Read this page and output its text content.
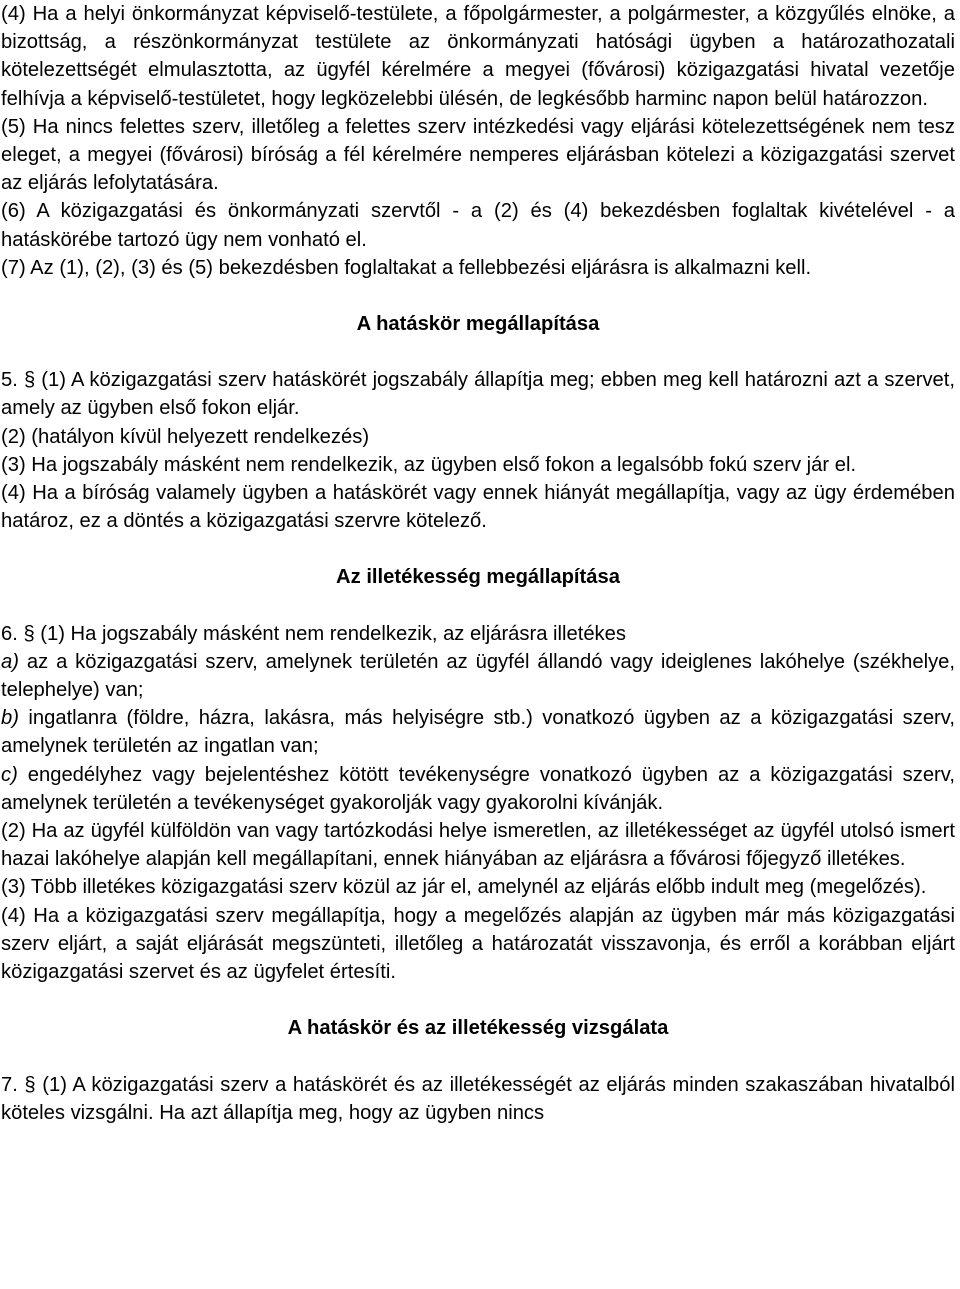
(4) Ha a helyi önkormányzat képviselő-testülete, a főpolgármester, a polgármester, a közgyűlés elnöke, a bizottság, a részönkormányzat testülete az önkormányzati hatósági ügyben a határozathozatali kötelezettségét elmulasztotta, az ügyfél kérelmére a megyei (fővárosi) közigazgatási hivatal vezetője felhívja a képviselő-testületet, hogy legközelebbi ülésén, de legkésőbb harminc napon belül határozzon.

(5) Ha nincs felettes szerv, illetőleg a felettes szerv intézkedési vagy eljárási kötelezettségének nem tesz eleget, a megyei (fővárosi) bíróság a fél kérelmére nemperes eljárásban kötelezi a közigazgatási szervet az eljárás lefolytatására.

(6) A közigazgatási és önkormányzati szervtől - a (2) és (4) bekezdésben foglaltak kivételével - a hatáskörébe tartozó ügy nem vonható el.

(7) Az (1), (2), (3) és (5) bekezdésben foglaltakat a fellebbezési eljárásra is alkalmazni kell.

A hatáskör megállapítása

5. § (1) A közigazgatási szerv hatáskörét jogszabály állapítja meg; ebben meg kell határozni azt a szervet, amely az ügyben első fokon eljár.

(2) (hatályon kívül helyezett rendelkezés)

(3) Ha jogszabály másként nem rendelkezik, az ügyben első fokon a legalsóbb fokú szerv jár el.

(4) Ha a bíróság valamely ügyben a hatáskörét vagy ennek hiányát megállapítja, vagy az ügy érdemében határoz, ez a döntés a közigazgatási szervre kötelező.

Az illetékesség megállapítása

6. § (1) Ha jogszabály másként nem rendelkezik, az eljárásra illetékes

a) az a közigazgatási szerv, amelynek területén az ügyfél állandó vagy ideiglenes lakóhelye (székhelye, telephelye) van;

b) ingatlanra (földre, házra, lakásra, más helyiségre stb.) vonatkozó ügyben az a közigazgatási szerv, amelynek területén az ingatlan van;

c) engedélyhez vagy bejelentéshez kötött tevékenységre vonatkozó ügyben az a közigazgatási szerv, amelynek területén a tevékenységet gyakorolják vagy gyakorolni kívánják.

(2) Ha az ügyfél külföldön van vagy tartózkodási helye ismeretlen, az illetékességet az ügyfél utolsó ismert hazai lakóhelye alapján kell megállapítani, ennek hiányában az eljárásra a fővárosi főjegyző illetékes.

(3) Több illetékes közigazgatási szerv közül az jár el, amelynél az eljárás előbb indult meg (megelőzés).

(4) Ha a közigazgatási szerv megállapítja, hogy a megelőzés alapján az ügyben már más közigazgatási szerv eljárt, a saját eljárását megszünteti, illetőleg a határozatát visszavonja, és erről a korábban eljárt közigazgatási szervet és az ügyfelet értesíti.

A hatáskör és az illetékesség vizsgálata

7. § (1) A közigazgatási szerv a hatáskörét és az illetékességét az eljárás minden szakaszában hivatalból köteles vizsgálni. Ha azt állapítja meg, hogy az ügyben nincs
